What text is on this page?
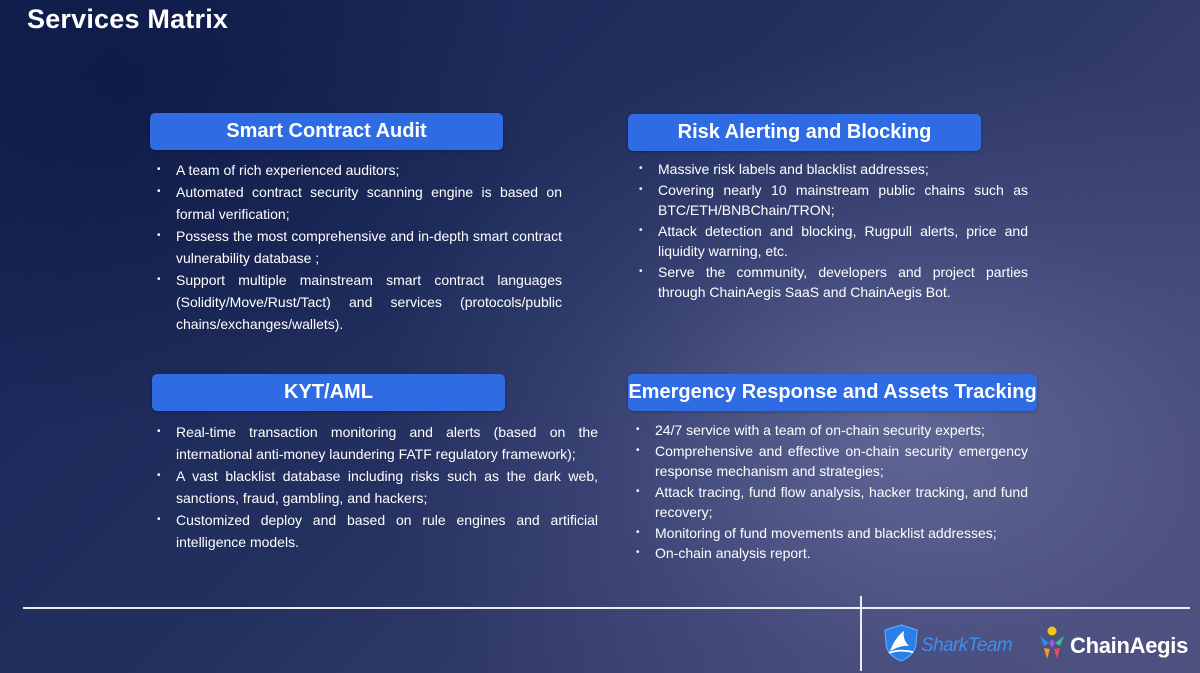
Services Matrix
Smart Contract Audit
• A team of rich experienced auditors;
• Automated contract security scanning engine is based on formal verification;
• Possess the most comprehensive and in-depth smart contract vulnerability database ;
• Support multiple mainstream smart contract languages (Solidity/Move/Rust/Tact) and services (protocols/public chains/exchanges/wallets).
Risk Alerting and Blocking
• Massive risk labels and blacklist addresses;
• Covering nearly 10 mainstream public chains such as BTC/ETH/BNBChain/TRON;
• Attack detection and blocking, Rugpull alerts, price and liquidity warning, etc.
• Serve the community, developers and project parties through ChainAegis SaaS and ChainAegis Bot.
KYT/AML
• Real-time transaction monitoring and alerts (based on the international anti-money laundering FATF regulatory framework);
• A vast blacklist database including risks such as the dark web, sanctions, fraud, gambling, and hackers;
• Customized deploy and based on rule engines and artificial intelligence models.
Emergency Response and Assets Tracking
• 24/7 service with a team of on-chain security experts;
• Comprehensive and effective on-chain security emergency response mechanism and strategies;
• Attack tracing, fund flow analysis, hacker tracking, and fund recovery;
• Monitoring of fund movements and blacklist addresses;
• On-chain analysis report.
SharkTeam	ChainAegis
